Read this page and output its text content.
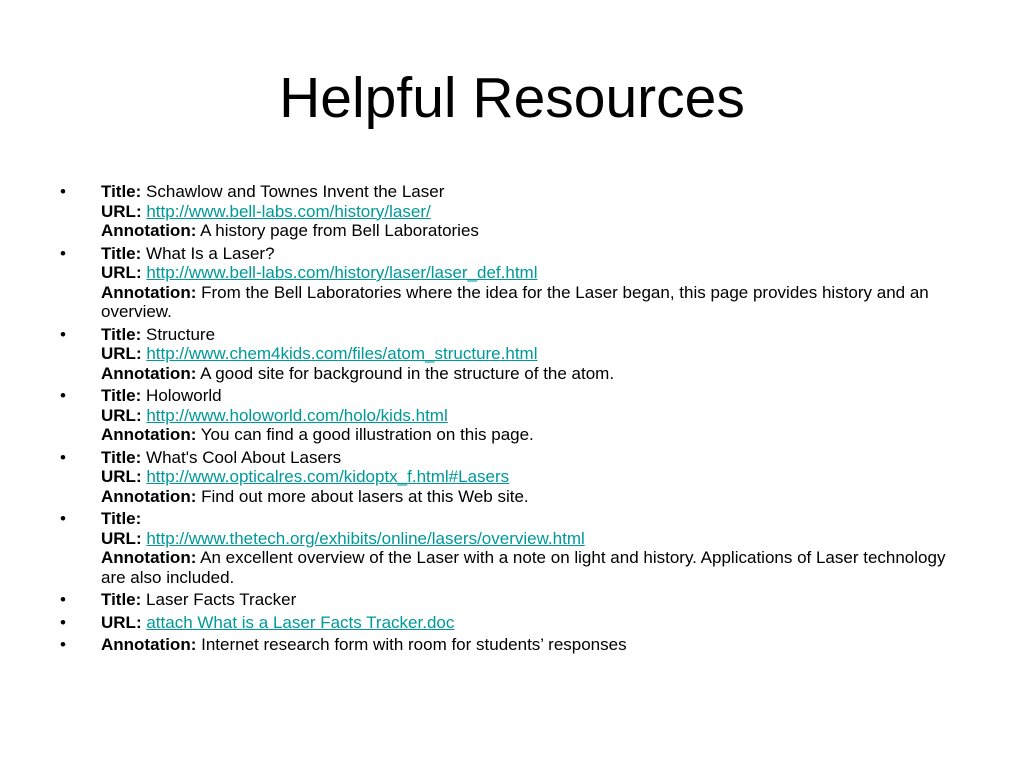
Helpful Resources
• Title: Schawlow and Townes Invent the Laser
URL: http://www.bell-labs.com/history/laser/
Annotation: A history page from Bell Laboratories
• Title: What Is a Laser?
URL: http://www.bell-labs.com/history/laser/laser_def.html
Annotation: From the Bell Laboratories where the idea for the Laser began, this page provides history and an overview.
• Title: Structure
URL: http://www.chem4kids.com/files/atom_structure.html
Annotation: A good site for background in the structure of the atom.
• Title: Holoworld
URL: http://www.holoworld.com/holo/kids.html
Annotation: You can find a good illustration on this page.
• Title: What's Cool About Lasers
URL: http://www.opticalres.com/kidoptx_f.html#Lasers
Annotation: Find out more about lasers at this Web site.
• Title:
URL: http://www.thetech.org/exhibits/online/lasers/overview.html
Annotation: An excellent overview of the Laser with a note on light and history. Applications of Laser technology are also included.
• Title: Laser Facts Tracker
• URL: attach What is a Laser Facts Tracker.doc
• Annotation: Internet research form with room for students’ responses
